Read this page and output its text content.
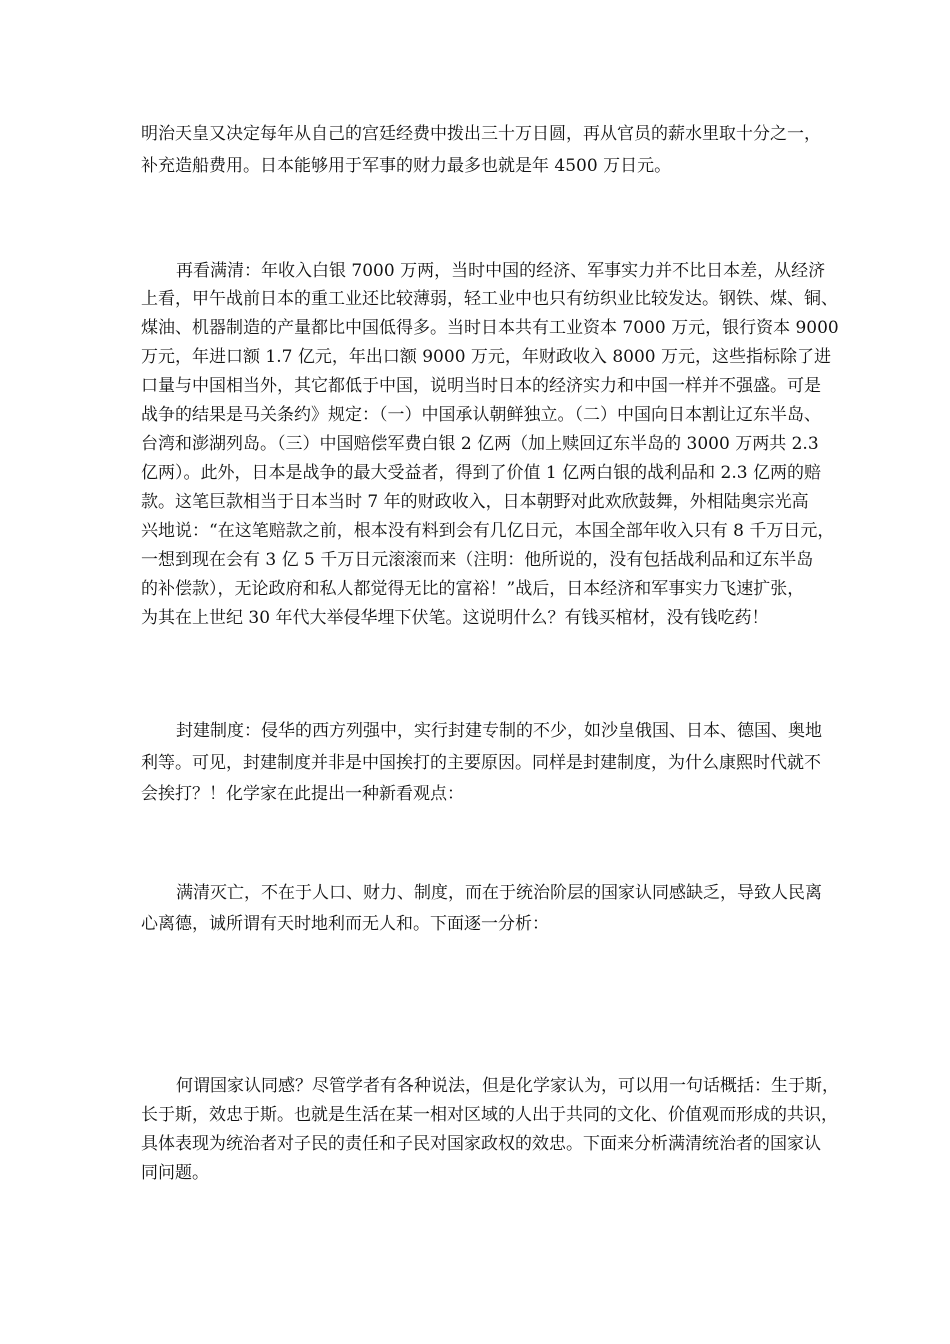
明治天皇又决定每年从自己的宫廷经费中拨出三十万日圆，再从官员的薪水里取十分之一，
补充造船费用。日本能够用于军事的财力最多也就是年 4500 万日元。
再看满清：年收入白银 7000 万两，当时中国的经济、军事实力并不比日本差，从经济
上看，甲午战前日本的重工业还比较薄弱，轻工业中也只有纺织业比较发达。钢铁、煤、铜、
煤油、机器制造的产量都比中国低得多。当时日本共有工业资本 7000 万元，银行资本 9000
万元，年进口额 1.7 亿元，年出口额 9000 万元，年财政收入 8000 万元，这些指标除了进
口量与中国相当外，其它都低于中国，说明当时日本的经济实力和中国一样并不强盛。可是
战争的结果是马关条约》规定：（一）中国承认朝鲜独立。（二）中国向日本割让辽东半岛、
台湾和澎湖列岛。（三）中国赔偿军费白银 2 亿两（加上赎回辽东半岛的 3000 万两共 2.3
亿两）。此外，日本是战争的最大受益者，得到了价值 1 亿两白银的战利品和 2.3 亿两的赔
款。这笔巨款相当于日本当时 7 年的财政收入，日本朝野对此欢欣鼓舞，外相陆奥宗光高
兴地说：“在这笔赔款之前，根本没有料到会有几亿日元，本国全部年收入只有 8 千万日元，
一想到现在会有 3 亿 5 千万日元滚滚而来（注明：他所说的，没有包括战利品和辽东半岛
的补偿款），无论政府和私人都觉得无比的富裕！”战后，日本经济和军事实力飞速扩张，
为其在上世纪 30 年代大举侵华埋下伏笔。这说明什么？有钱买棺材，没有钱吃药！
封建制度：侵华的西方列强中，实行封建专制的不少，如沙皇俄国、日本、德国、奥地
利等。可见，封建制度并非是中国挨打的主要原因。同样是封建制度，为什么康熙时代就不
会挨打？！化学家在此提出一种新看观点：
满清灭亡，不在于人口、财力、制度，而在于统治阶层的国家认同感缺乏，导致人民离
心离德，诚所谓有天时地利而无人和。下面逐一分析：
何谓国家认同感？尽管学者有各种说法，但是化学家认为，可以用一句话概括：生于斯，
长于斯，效忠于斯。也就是生活在某一相对区域的人出于共同的文化、价值观而形成的共识，
具体表现为统治者对子民的责任和子民对国家政权的效忠。下面来分析满清统治者的国家认
同问题。
